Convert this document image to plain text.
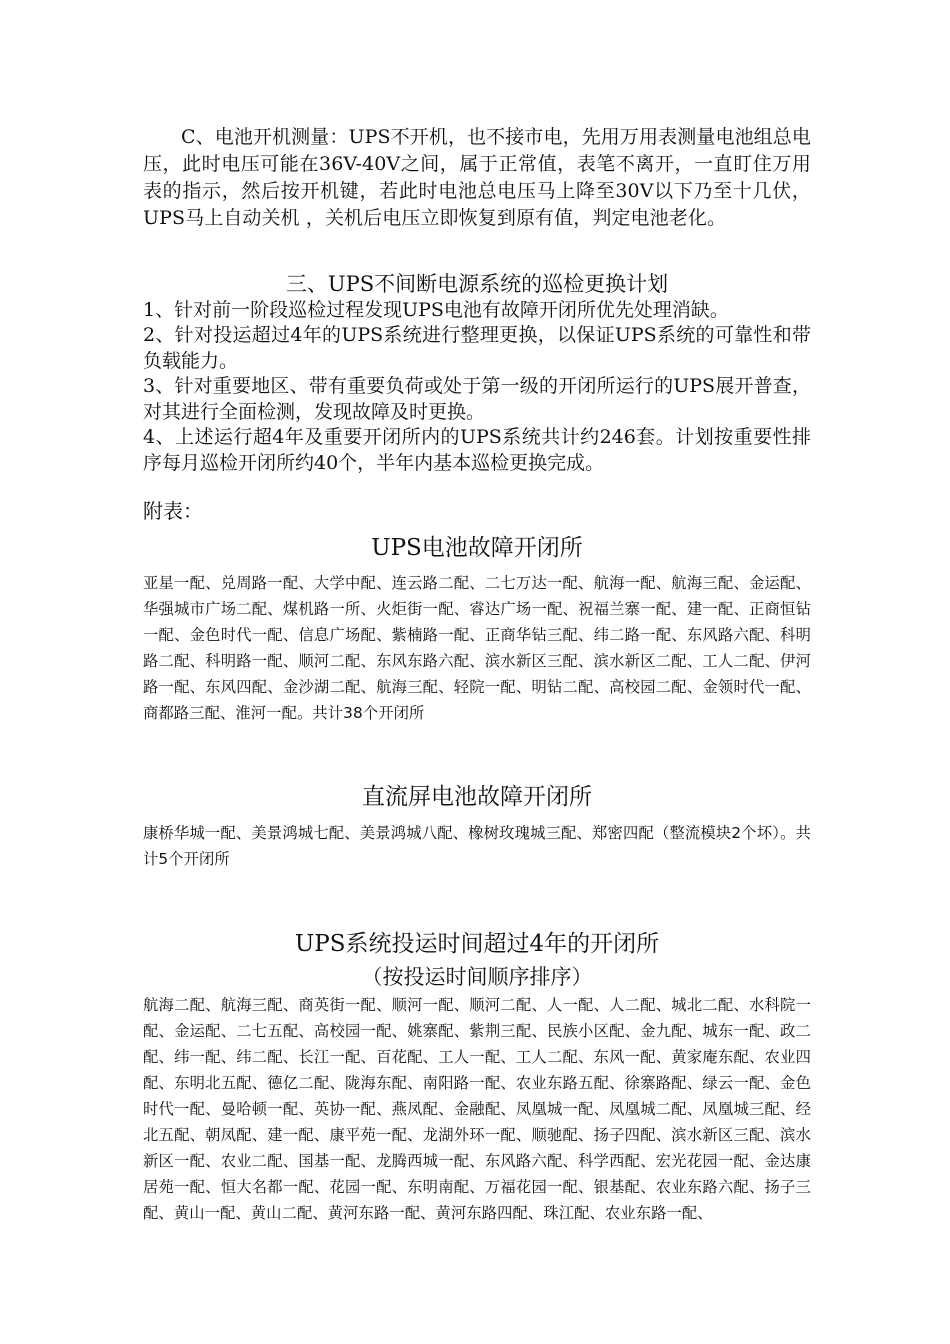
C、电池开机测量：UPS不开机，也不接市电，先用万用表测量电池组总电压，此时电压可能在36V-40V之间，属于正常值，表笔不离开，一直盯住万用表的指示，然后按开机键，若此时电池总电压马上降至30V以下乃至十几伏，UPS马上自动关机 ，关机后电压立即恢复到原有值，判定电池老化。

三、UPS不间断电源系统的巡检更换计划

1、针对前一阶段巡检过程发现UPS电池有故障开闭所优先处理消缺。

2、针对投运超过4年的UPS系统进行整理更换，以保证UPS系统的可靠性和带负载能力。

3、针对重要地区、带有重要负荷或处于第一级的开闭所运行的UPS展开普查，对其进行全面检测，发现故障及时更换。

4、上述运行超4年及重要开闭所内的UPS系统共计约246套。计划按重要性排序每月巡检开闭所约40个，半年内基本巡检更换完成。

附表：
UPS电池故障开闭所

亚星一配、兑周路一配、大学中配、连云路二配、二七万达一配、航海一配、航海三配、金运配、华强城市广场二配、煤机路一所、火炬街一配、睿达广场一配、祝福兰寨一配、建一配、正商恒钻一配、金色时代一配、信息广场配、紫楠路一配、正商华钻三配、纬二路一配、东风路六配、科明路二配、科明路一配、顺河二配、东风东路六配、滨水新区三配、滨水新区二配、工人二配、伊河路一配、东风四配、金沙湖二配、航海三配、轻院一配、明钻二配、高校园二配、金领时代一配、商都路三配、淮河一配。共计38个开闭所

直流屏电池故障开闭所

康桥华城一配、美景鸿城七配、美景鸿城八配、橡树玫瑰城三配、郑密四配（整流模块2个坏）。共计5个开闭所

UPS系统投运时间超过4年的开闭所
（按投运时间顺序排序）

航海二配、航海三配、商英街一配、顺河一配、顺河二配、人一配、人二配、城北二配、水科院一配、金运配、二七五配、高校园一配、姚寨配、紫荆三配、民族小区配、金九配、城东一配、政二配、纬一配、纬二配、长江一配、百花配、工人一配、工人二配、东风一配、黄家庵东配、农业四配、东明北五配、德亿二配、陇海东配、南阳路一配、农业东路五配、徐寨路配、绿云一配、金色时代一配、曼哈顿一配、英协一配、燕凤配、金融配、凤凰城一配、凤凰城二配、凤凰城三配、经北五配、朝凤配、建一配、康平苑一配、龙湖外环一配、顺驰配、扬子四配、滨水新区三配、滨水新区一配、农业二配、国基一配、龙腾西城一配、东风路六配、科学西配、宏光花园一配、金达康居苑一配、恒大名都一配、花园一配、东明南配、万福花园一配、银基配、农业东路六配、扬子三配、黄山一配、黄山二配、黄河东路一配、黄河东路四配、珠江配、农业东路一配、
